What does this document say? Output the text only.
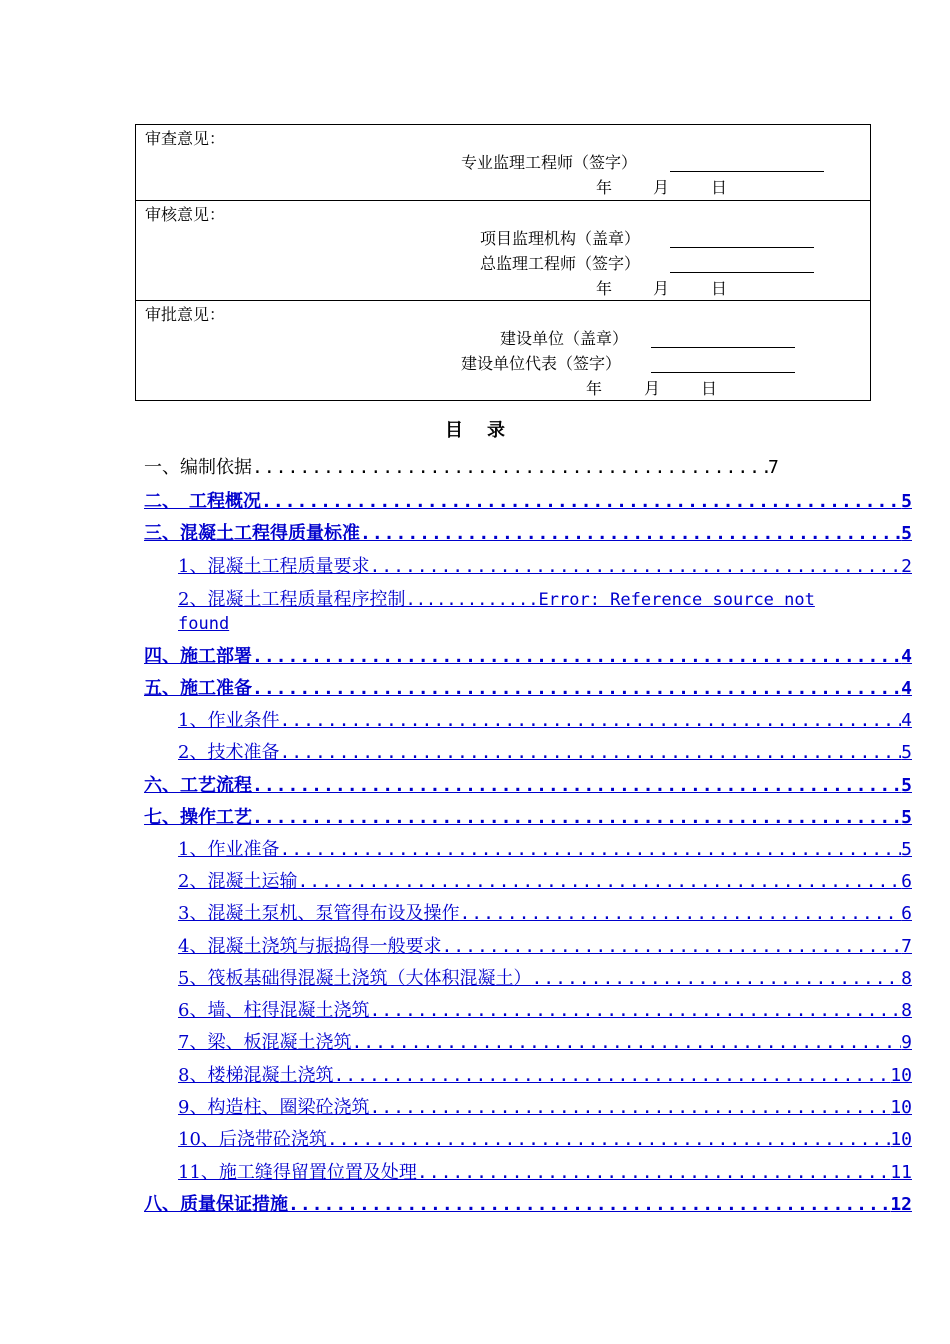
审查意见：
专业监理工程师（签字）
年	月	日
审核意见：
项目监理机构（盖章）
总监理工程师（签字）
年	月	日
审批意见：
建设单位（盖章）
建设单位代表（签字）
年	月	日
目录
一、编制依据 .....	7
二、　工程概况 .....	5
三、混凝土工程得质量标准 .....	5
1、混凝土工程质量要求 .....	2
2、混凝土工程质量程序控制 .............Error: Reference source not
found
四、施工部署 .....	4
五、施工准备 .....	4
1、作业条件 .....	4
2、技术准备 .....	5
六、工艺流程 .....	5
七、操作工艺 .....	5
1、作业准备 .....	5
2、混凝土运输 .....	6
3、混凝土泵机、泵管得布设及操作 .....	6
4、混凝土浇筑与振捣得一般要求 .....	7
5、筏板基础得混凝土浇筑（大体积混凝土） .....	8
6、墙、柱得混凝土浇筑 .....	8
7、梁、板混凝土浇筑 .....	9
8、楼梯混凝土浇筑 .....	10
9、构造柱、圈梁砼浇筑 .....	10
10、后浇带砼浇筑 .....	10
11、施工缝得留置位置及处理 .....	11
八、质量保证措施 .....	12
